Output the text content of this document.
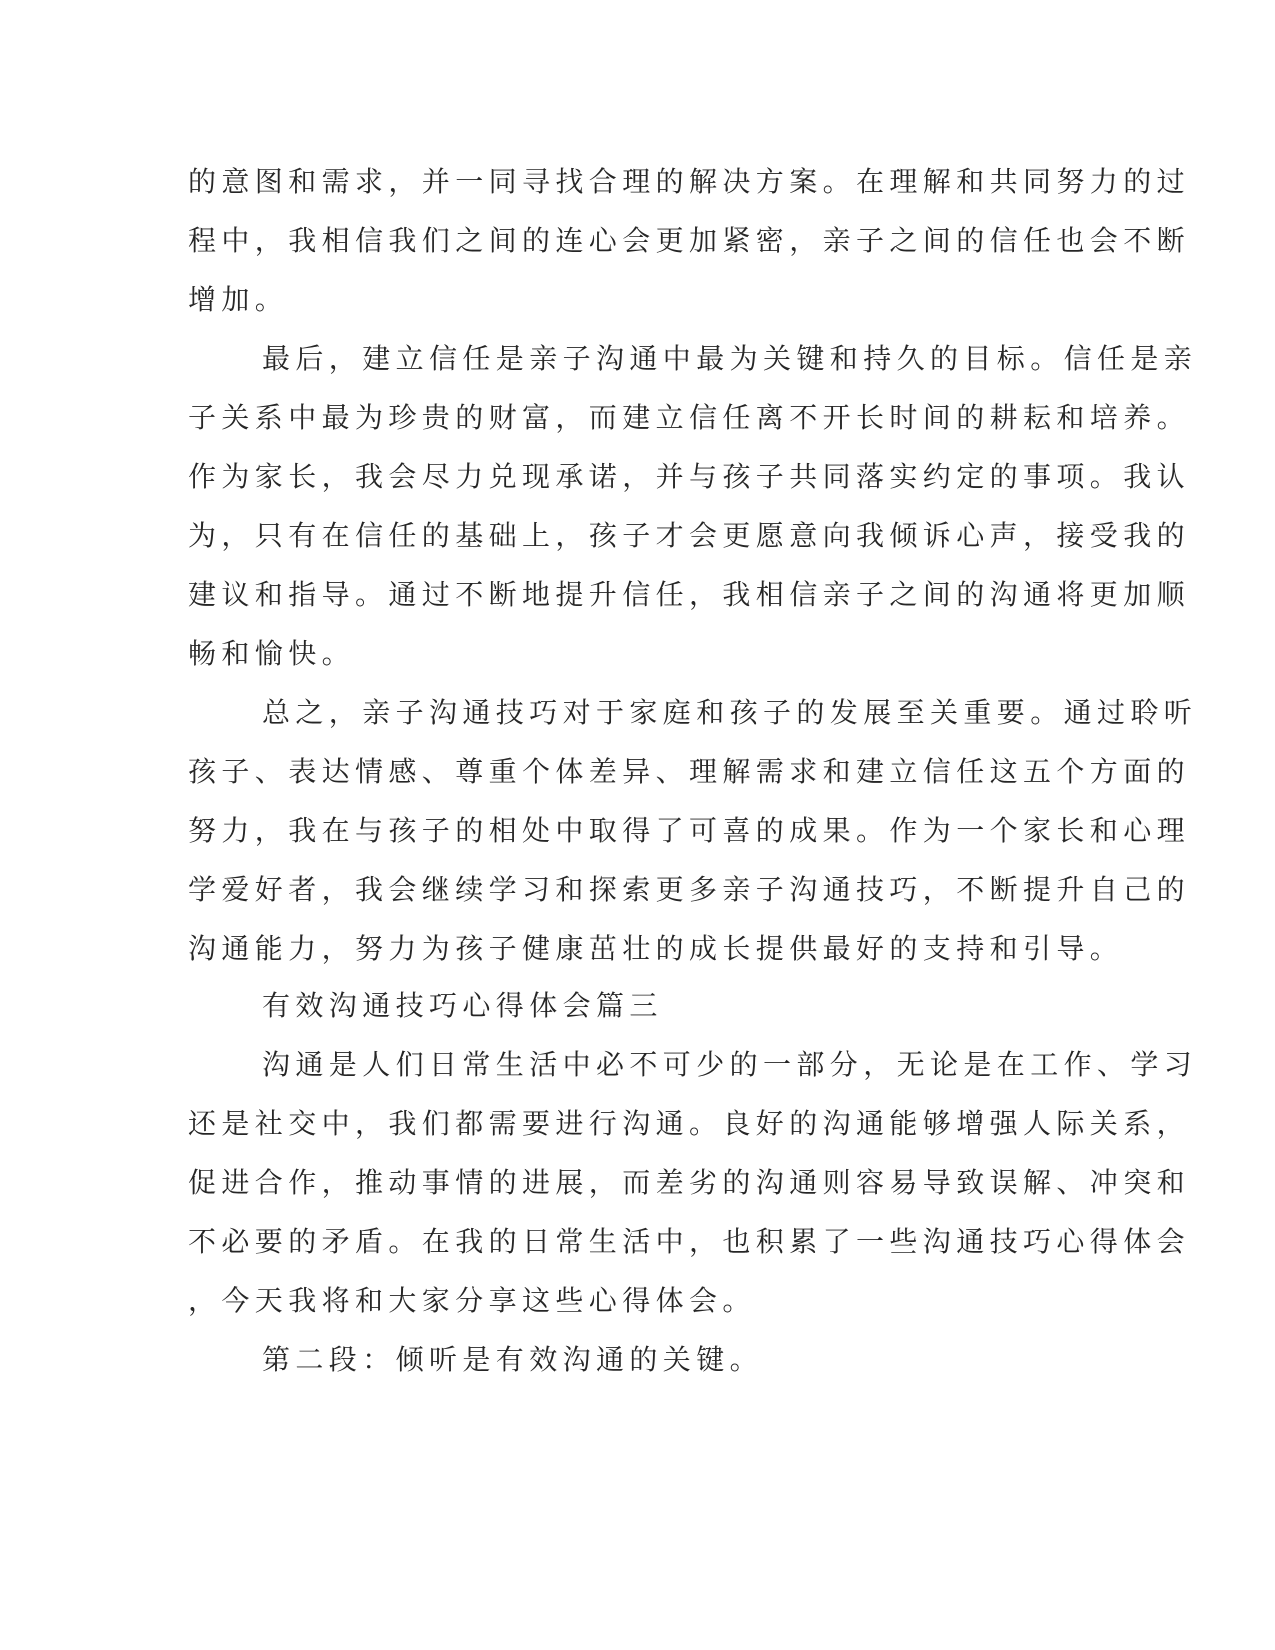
的意图和需求，并一同寻找合理的解决方案。在理解和共同努力的过
程中，我相信我们之间的连心会更加紧密，亲子之间的信任也会不断
增加。
最后，建立信任是亲子沟通中最为关键和持久的目标。信任是亲
子关系中最为珍贵的财富，而建立信任离不开长时间的耕耘和培养。
作为家长，我会尽力兑现承诺，并与孩子共同落实约定的事项。我认
为，只有在信任的基础上，孩子才会更愿意向我倾诉心声，接受我的
建议和指导。通过不断地提升信任，我相信亲子之间的沟通将更加顺
畅和愉快。
总之，亲子沟通技巧对于家庭和孩子的发展至关重要。通过聆听
孩子、表达情感、尊重个体差异、理解需求和建立信任这五个方面的
努力，我在与孩子的相处中取得了可喜的成果。作为一个家长和心理
学爱好者，我会继续学习和探索更多亲子沟通技巧，不断提升自己的
沟通能力，努力为孩子健康茁壮的成长提供最好的支持和引导。
有效沟通技巧心得体会篇三
沟通是人们日常生活中必不可少的一部分，无论是在工作、学习
还是社交中，我们都需要进行沟通。良好的沟通能够增强人际关系，
促进合作，推动事情的进展，而差劣的沟通则容易导致误解、冲突和
不必要的矛盾。在我的日常生活中，也积累了一些沟通技巧心得体会
，今天我将和大家分享这些心得体会。
第二段：倾听是有效沟通的关键。
